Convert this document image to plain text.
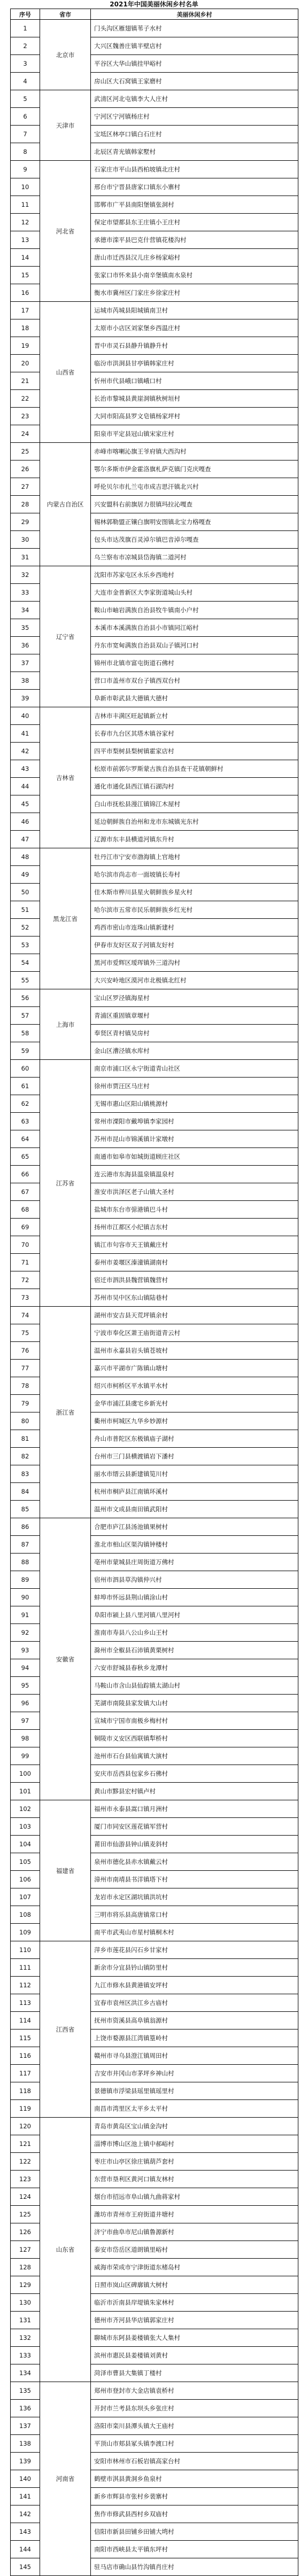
2021年中国美丽休闲乡村名单
序号	省市	美丽休闲乡村
1	北京市	门头沟区雁翅镇苇子水村
2		大兴区魏善庄镇半壁店村
3		平谷区大华山镇挂甲峪村
4		房山区大石窝镇王家磨村
5	天津市	武清区河北屯镇李大人庄村
6		宁河区宁河镇杨庄村
7		宝坻区林亭口镇白石庄村
8		北辰区青光镇韩家墅村
9	河北省	石家庄市平山县西柏坡镇北庄村
10		邢台市宁晋县唐家口镇东小寨村
11		邯郸市广平县南阳堡镇张洞村
12		保定市望都县东王庄镇小王庄村
13		承德市滦平县巴克什营镇花楼沟村
14		唐山市迁西县汉儿庄乡杨家峪村
15		张家口市怀来县小南辛堡镇南水泉村
16		衡水市冀州区门家庄乡徐家庄村
17	山西省	运城市芮城县阳城镇南卫村
18		太原市小店区刘家堡乡西温庄村
19		晋中市灵石县静升镇静升村
20		临汾市洪洞县甘亭镇韩家庄村
21		忻州市代县峨口镇峨口村
22		长治市黎城县黄崖洞镇秋树垣村
23		大同市阳高县罗文皂镇杨家坪村
24		阳泉市平定县冠山镇宋家庄村
25	内蒙古自治区	赤峰市喀喇沁旗王爷府镇大西沟村
26		鄂尔多斯市伊金霍洛旗札萨克镇门克庆嘎查
27		呼伦贝尔市扎兰屯市成吉思汗镇北兴村
28		兴安盟科右前旗居力很镇玛拉沁嘎查
29		锡林郭勒盟正镶白旗明安图镇北宝力格嘎查
30		包头市达茂旗百灵淖尔镇巴音淖尔嘎查
31		乌兰察布市凉城县岱海镇二道河村
32	辽宁省	沈阳市苏家屯区永乐乡西地村
33		大连市金普新区大李家街道城山头村
34		鞍山市岫岩满族自治县牧牛镇南小户村
35		本溪市本溪满族自治县小市镇同江峪村
36		丹东市宽甸满族自治县双山子镇河口村
37		锦州市北镇市富屯街道石佛村
38		营口市盖州市双台子镇西双台村
39		阜新市彰武县大德镇大德村
40	吉林省	吉林市丰满区旺起镇新立村
41		长春市九台区其塔木镇谷家村
42		四平市梨树县梨树镇霍家店村
43		松原市前郭尔罗斯蒙古族自治县查干花镇朝鲜村
44		通化市通化县西江镇石湖沟村
45		白山市抚松县漫江镇锦江木屋村
46		延边朝鲜族自治州和龙市东城镇光东村
47		辽源市东丰县横道河镇东升村
48	黑龙江省	牡丹江市宁安市渤海镇上官地村
49		哈尔滨市尚志市一面坡镇长寿村
50		佳木斯市桦川县星火朝鲜族乡星火村
51		哈尔滨市五常市民乐朝鲜族乡红光村
52		鸡西市密山市连珠山镇新建村
53		伊春市友好区双子河镇友好村
54		黑河市爱辉区瑷珲镇外三道沟村
55		大兴安岭地区漠河市北极镇北红村
56	上海市	宝山区罗泾镇海星村
57		青浦区重固镇章堰村
58		奉贤区青村镇吴房村
59		金山区漕泾镇水库村
60	江苏省	南京市浦口区永宁街道青山社区
61		徐州市贾汪区马庄村
62		无锡市惠山区阳山镇桃源村
63		常州市溧阳市戴埠镇李家园村
64		苏州市昆山市锦溪镇计家墩村
65		南通市如皋市如城街道顾庄社区
66		连云港市东海县温泉镇温泉村
67		淮安市洪泽区老子山镇大圣村
68		盐城市东台市弶港镇巴斗村
69		扬州市江都区小纪镇吉东村
70		镇江市句容市天王镇戴庄村
71		泰州市姜堰区溱潼镇湖南村
72		宿迁市泗洪县魏营镇魏营村
73		苏州市吴中区东山镇陆巷村
74	浙江省	湖州市安吉县天荒坪镇余村
75		宁波市奉化区萧王庙街道青云村
76		温州市永嘉县岩头镇苍坡村
77		嘉兴市平湖市广陈镇山塘村
78		绍兴市柯桥区平水镇平水村
79		金华市浦江县虞宅乡新光村
80		衢州市柯城区九华乡妙源村
81		舟山市普陀区东极镇庙子湖村
82		台州市三门县横渡镇岩下潘村
83		丽水市缙云县新建镇笕川村
84		杭州市桐庐县江南镇环溪村
85		温州市文成县南田镇武阳村
86	安徽省	合肥市庐江县汤池镇果树村
87		淮北市相山区渠沟镇钟楼村
88		亳州市蒙城县庄周街道万佛村
89		宿州市泗县草沟镇仲兴村
90		蚌埠市怀远县荆山镇涂山村
91		阜阳市颍上县八里河镇八里河村
92		淮南市寿县八公山乡山王村
93		滁州市全椒县石沛镇黄栗树村
94		六安市舒城县春秋乡龙潭村
95		马鞍山市含山县仙踪镇太湖山村
96		芜湖市南陵县家发镇大山村
97		宣城市宁国市南极乡梅村村
98		铜陵市义安区西联镇犁桥村
99		池州市石台县仙寓镇大演村
100		安庆市岳西县包家乡石佛村
101		黄山市黟县宏村镇卢村
102	福建省	福州市永泰县嵩口镇月洲村
103		厦门市同安区莲花镇军营村
104		莆田市仙游县钟山镇麦斜村
105		泉州市德化县赤水镇戴云村
106		漳州市南靖县书洋镇塔下村
107		龙岩市永定区湖坑镇洪坑村
108		三明市将乐县高唐镇常口村
109		南平市武夷山市星村镇桐木村
110	江西省	萍乡市莲花县闪石乡甘家村
111		新余市分宜县钤山镇防里村
112		九江市修水县黄港镇安坪村
113		宜春市袁州区洪江乡古庙村
114		抚州市资溪县高阜镇翁源村
115		上饶市婺源县江湾镇篁岭村
116		赣州市寻乌县澄江镇周田村
117		吉安市井冈山市茅坪乡神山村
118		景德镇市浮梁县瑶里镇瑶里村
119		南昌市湾里区太平乡太平村
120	山东省	青岛市黄岛区宝山镇金沟村
121		淄博市博山区池上镇中郝峪村
122		枣庄市山亭区徐庄镇葫芦套村
123		东营市垦利区黄河口镇友林村
124		烟台市招远市阜山镇九曲蒋家村
125		潍坊市青州市王府街道井塘村
126		济宁市曲阜市尼山镇鲁源新村
127		泰安市岱岳区道朗镇里峪村
128		威海市荣成市宁津街道东楮岛村
129		日照市岚山区碑廓镇大树村
130		临沂市沂南县岸堤镇朱家林村
131		德州市齐河县华店镇郭家庄村
132		聊城市东阿县姜楼镇张大人集村
133		滨州市惠民县姜楼镇刘黄村
134		菏泽市曹县大集镇丁楼村
135	河南省	郑州市登封市大金店镇袁桥村
136		开封市兰考县东坝头乡张庄村
137		洛阳市栾川县潭头镇大王庙村
138		平顶山市郏县冢头镇李渡口村
139		安阳市林州市石板岩镇高家台村
140		鹤壁市淇县黄洞乡鱼泉村
141		新乡市辉县市张村乡裴寨村
142		焦作市修武县西村乡双庙村
143		信阳市新县田铺乡田铺大塆村
144		南阳市西峡县太平镇东坪村
145		驻马店市确山县竹沟镇肖庄村
